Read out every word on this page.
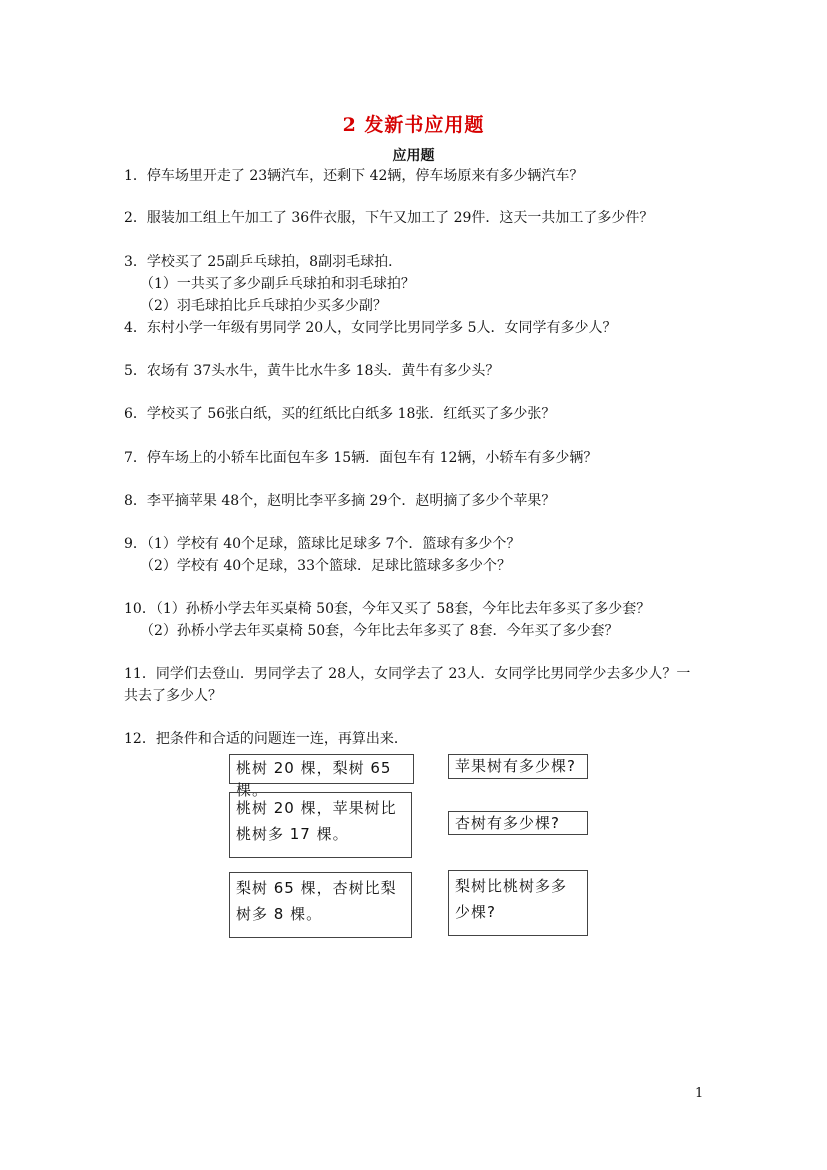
2 发新书应用题
应用题
1．停车场里开走了 23辆汽车，还剩下 42辆，停车场原来有多少辆汽车？
2．服装加工组上午加工了 36件衣服，下午又加工了 29件．这天一共加工了多少件？
3．学校买了 25副乒乓球拍，8副羽毛球拍．
（1）一共买了多少副乒乓球拍和羽毛球拍？
（2）羽毛球拍比乒乓球拍少买多少副？
4．东村小学一年级有男同学 20人，女同学比男同学多 5人．女同学有多少人？
5．农场有 37头水牛，黄牛比水牛多 18头．黄牛有多少头？
6．学校买了 56张白纸，买的红纸比白纸多 18张．红纸买了多少张？
7．停车场上的小轿车比面包车多 15辆．面包车有 12辆，小轿车有多少辆？
8．李平摘苹果 48个，赵明比李平多摘 29个．赵明摘了多少个苹果？
9．（1）学校有 40个足球，篮球比足球多 7个．篮球有多少个？
（2）学校有 40个足球，33个篮球．足球比篮球多多少个？
10．（1）孙桥小学去年买桌椅 50套，今年又买了 58套，今年比去年多买了多少套？
（2）孙桥小学去年买桌椅 50套，今年比去年多买了 8套．今年买了多少套？
11．同学们去登山．男同学去了 28人，女同学去了 23人．女同学比男同学少去多少人？一
共去了多少人？
12．把条件和合适的问题连一连，再算出来．
桃树 20 棵，梨树 65 棵。
桃树 20 棵，苹果树比桃树多 17 棵。
梨树 65 棵，杏树比梨树多 8 棵。
苹果树有多少棵?
杏树有多少棵?
梨树比桃树多多少棵?
1
